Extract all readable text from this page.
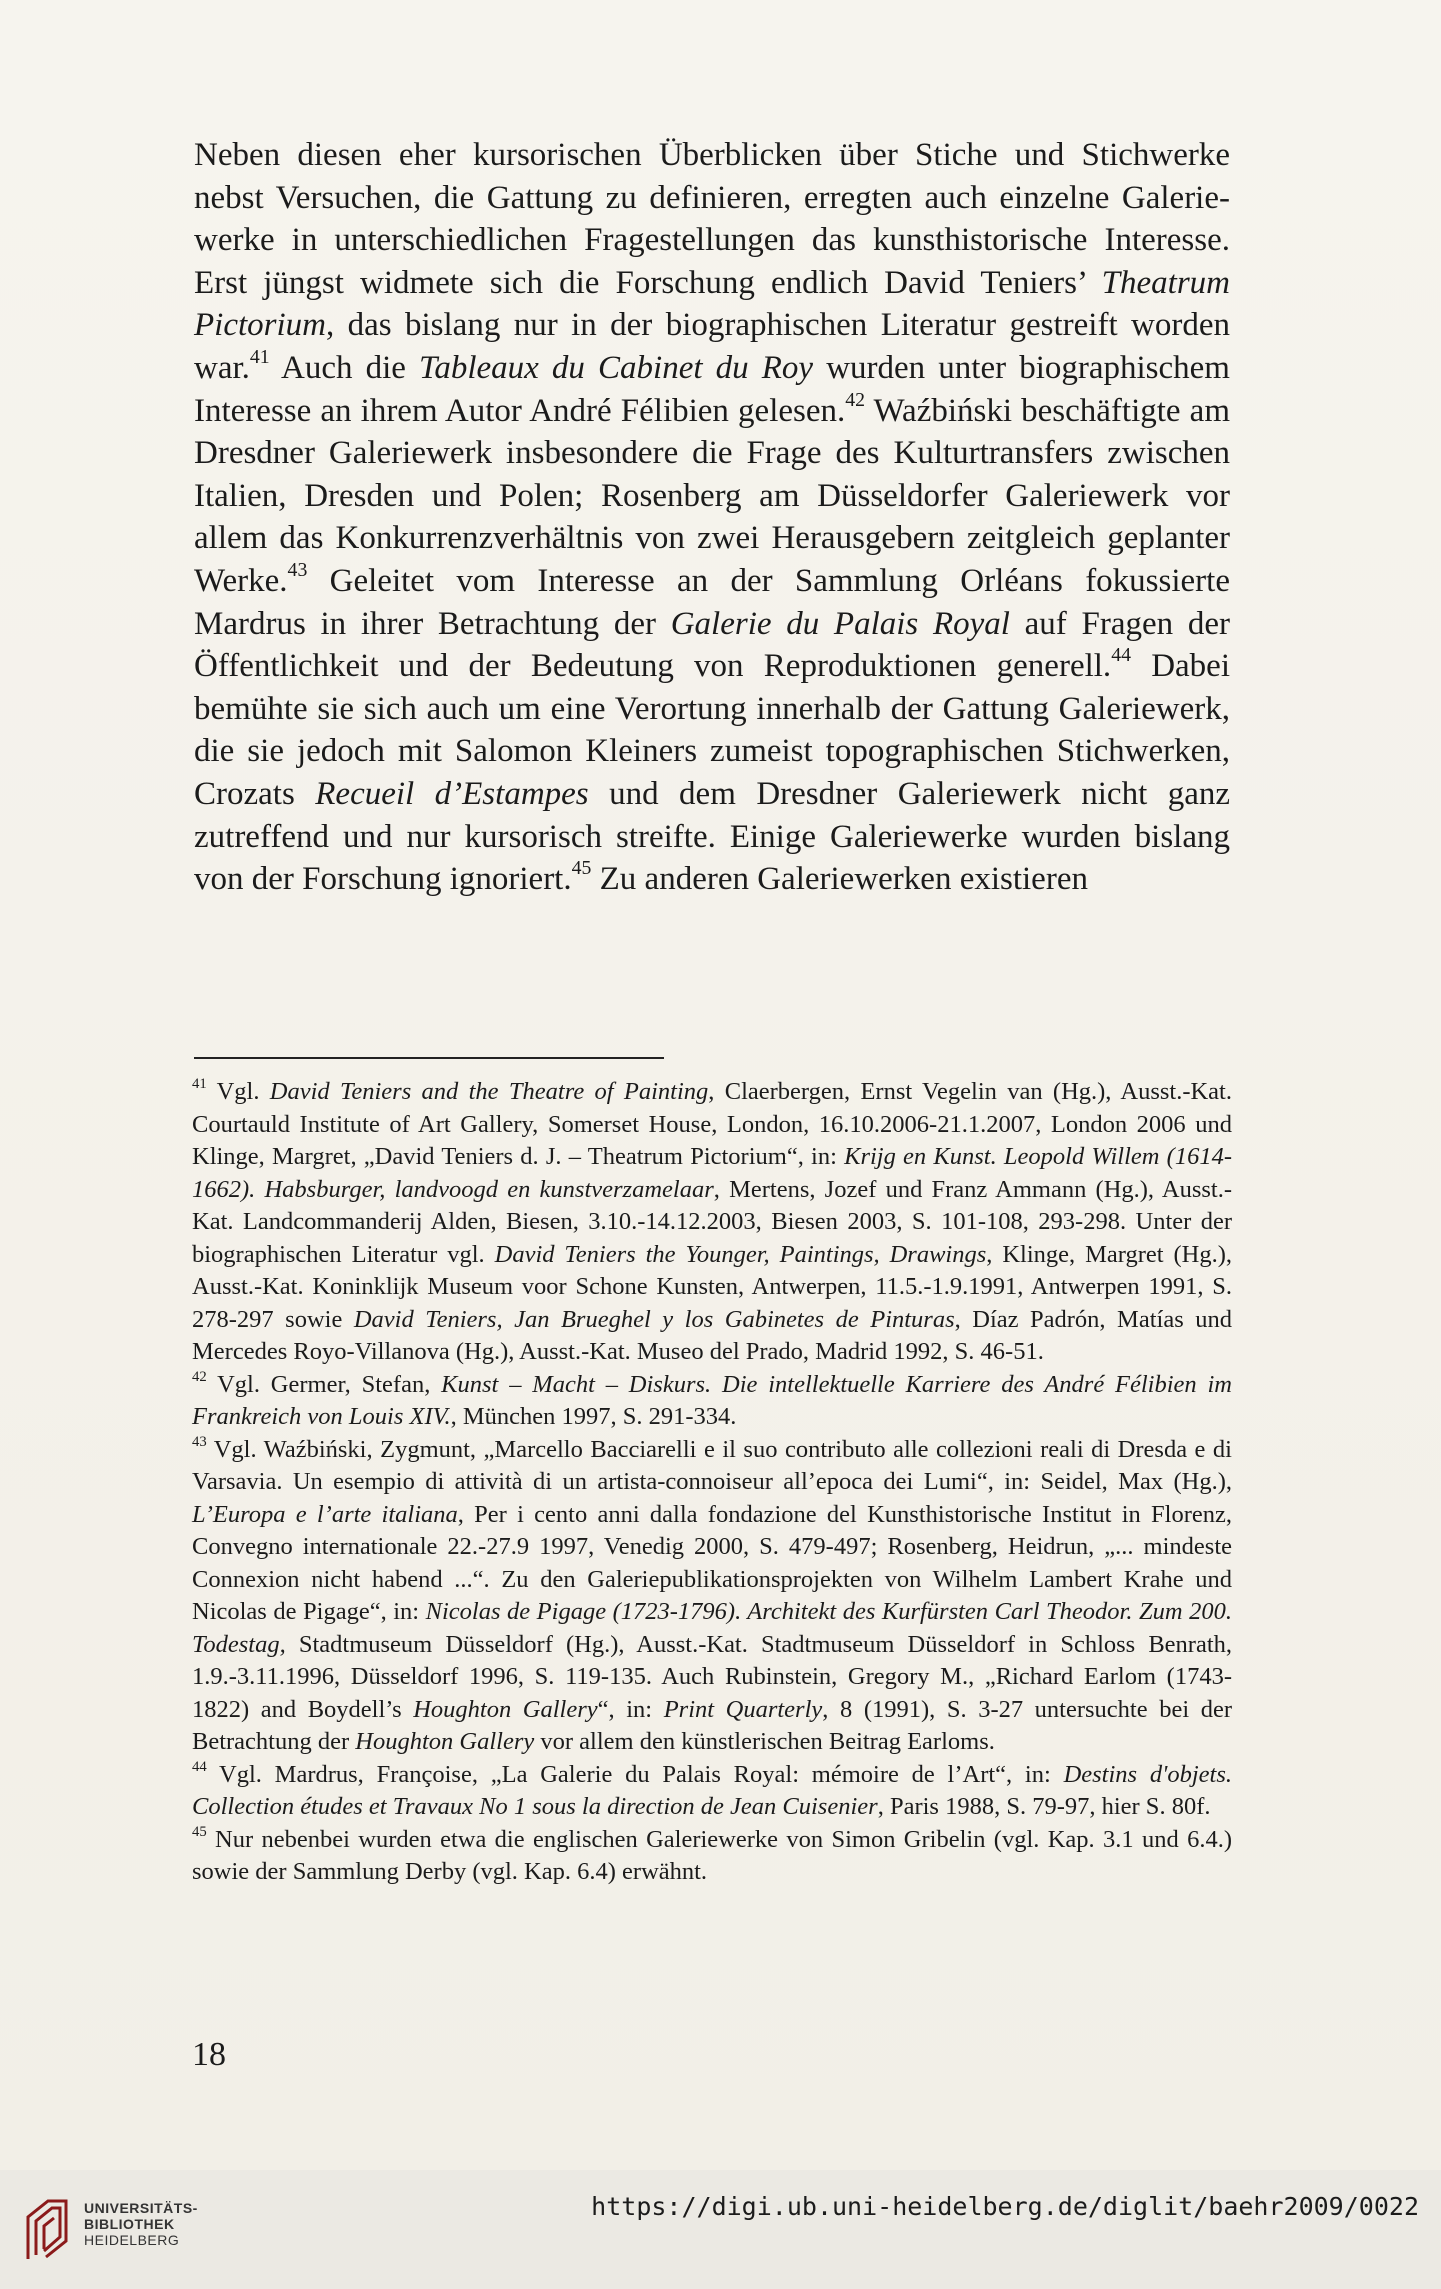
Neben diesen eher kursorischen Überblicken über Stiche und Stichwerke nebst Versuchen, die Gattung zu definieren, erregten auch einzelne Galeriewerke in unterschiedlichen Fragestellungen das kunsthistorische Interesse. Erst jüngst widmete sich die Forschung endlich David Teniers’ Theatrum Pictorium, das bislang nur in der biographischen Literatur gestreift worden war.$^{41}$ Auch die Tableaux du Cabinet du Roy wurden unter biographischem Interesse an ihrem Autor André Félibien gelesen.$^{42}$ Waźbiński beschäftigte am Dresdner Galeriewerk insbesondere die Frage des Kulturtransfers zwischen Italien, Dresden und Polen; Rosenberg am Düsseldorfer Galeriewerk vor allem das Konkurrenzverhältnis von zwei Herausgebern zeitgleich geplanter Werke.$^{43}$ Geleitet vom Interesse an der Sammlung Orléans fokussierte Mardrus in ihrer Betrachtung der Galerie du Palais Royal auf Fragen der Öffentlichkeit und der Bedeutung von Reproduktionen generell.$^{44}$ Dabei bemühte sie sich auch um eine Verortung innerhalb der Gattung Galeriewerk, die sie jedoch mit Salomon Kleiners zumeist topographischen Stichwerken, Crozats Recueil d’Estampes und dem Dresdner Galeriewerk nicht ganz zutreffend und nur kursorisch streifte. Einige Galeriewerke wurden bislang von der Forschung ignoriert.$^{45}$ Zu anderen Galeriewerken existieren

$^{41}$ Vgl. David Teniers and the Theatre of Painting, Claerbergen, Ernst Vegelin van (Hg.), Ausst.-Kat. Courtauld Institute of Art Gallery, Somerset House, London, 16.10.2006-21.1.2007, London 2006 und Klinge, Margret, „David Teniers d. J. – Theatrum Pictorium“, in: Krijg en Kunst. Leopold Willem (1614-1662). Habsburger, landvoogd en kunstverzamelaar, Mertens, Jozef und Franz Ammann (Hg.), Ausst.-Kat. Landcommanderij Alden, Biesen, 3.10.-14.12.2003, Biesen 2003, S. 101-108, 293-298. Unter der biographischen Literatur vgl. David Teniers the Younger, Paintings, Drawings, Klinge, Margret (Hg.), Ausst.-Kat. Koninklijk Museum voor Schone Kunsten, Antwerpen, 11.5.-1.9.1991, Antwerpen 1991, S. 278-297 sowie David Teniers, Jan Brueghel y los Gabinetes de Pinturas, Díaz Padrón, Matías und Mercedes Royo-Villanova (Hg.), Ausst.-Kat. Museo del Prado, Madrid 1992, S. 46-51.

$^{42}$ Vgl. Germer, Stefan, Kunst – Macht – Diskurs. Die intellektuelle Karriere des André Félibien im Frankreich von Louis XIV., München 1997, S. 291-334.

$^{43}$ Vgl. Waźbiński, Zygmunt, „Marcello Bacciarelli e il suo contributo alle collezioni reali di Dresda e di Varsavia. Un esempio di attività di un artista-connoiseur all’epoca dei Lumi“, in: Seidel, Max (Hg.), L’Europa e l’arte italiana, Per i cento anni dalla fondazione del Kunsthistorische Institut in Florenz, Convegno internationale 22.-27.9 1997, Venedig 2000, S. 479-497; Rosenberg, Heidrun, „... mindeste Connexion nicht habend ...“. Zu den Galeriepublikationsprojekten von Wilhelm Lambert Krahe und Nicolas de Pigage“, in: Nicolas de Pigage (1723-1796). Architekt des Kurfürsten Carl Theodor. Zum 200. Todestag, Stadtmuseum Düsseldorf (Hg.), Ausst.-Kat. Stadtmuseum Düsseldorf in Schloss Benrath, 1.9.-3.11.1996, Düsseldorf 1996, S. 119-135. Auch Rubinstein, Gregory M., „Richard Earlom (1743-1822) and Boydell’s Houghton Gallery“, in: Print Quarterly, 8 (1991), S. 3-27 untersuchte bei der Betrachtung der Houghton Gallery vor allem den künstlerischen Beitrag Earloms.

$^{44}$ Vgl. Mardrus, Françoise, „La Galerie du Palais Royal: mémoire de l’Art“, in: Destins d'objets. Collection études et Travaux No 1 sous la direction de Jean Cuisenier, Paris 1988, S. 79-97, hier S. 80f.

$^{45}$ Nur nebenbei wurden etwa die englischen Galeriewerke von Simon Gribelin (vgl. Kap. 3.1 und 6.4.) sowie der Sammlung Derby (vgl. Kap. 6.4) erwähnt.

18
UNIVERSITÄTS-
BIBLIOTHEK
HEIDELBERG
https://digi.ub.uni-heidelberg.de/diglit/baehr2009/0022
